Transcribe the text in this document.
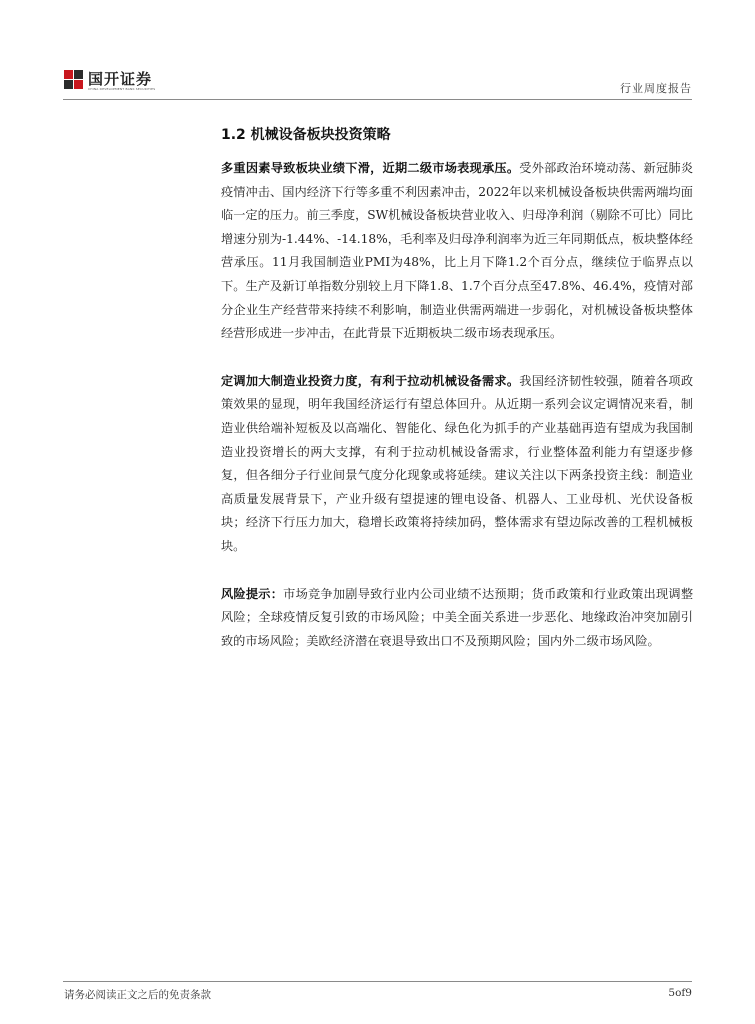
国开证券
CHINA DEVELOPMENT BANK SECURITIES	行业周度报告
1.2 机械设备板块投资策略

多重因素导致板块业绩下滑，近期二级市场表现承压。受外部政治环境动荡、新冠肺炎疫情冲击、国内经济下行等多重不利因素冲击，2022年以来机械设备板块供需两端均面临一定的压力。前三季度，SW机械设备板块营业收入、归母净利润（剔除不可比）同比增速分别为-1.44%、-14.18%，毛利率及归母净利润率为近三年同期低点，板块整体经营承压。11月我国制造业PMI为48%，比上月下降1.2个百分点，继续位于临界点以下。生产及新订单指数分别较上月下降1.8、1.7个百分点至47.8%、46.4%，疫情对部分企业生产经营带来持续不利影响，制造业供需两端进一步弱化，对机械设备板块整体经营形成进一步冲击，在此背景下近期板块二级市场表现承压。

定调加大制造业投资力度，有利于拉动机械设备需求。我国经济韧性较强，随着各项政策效果的显现，明年我国经济运行有望总体回升。从近期一系列会议定调情况来看，制造业供给端补短板及以高端化、智能化、绿色化为抓手的产业基础再造有望成为我国制造业投资增长的两大支撑，有利于拉动机械设备需求，行业整体盈利能力有望逐步修复，但各细分子行业间景气度分化现象或将延续。建议关注以下两条投资主线：制造业高质量发展背景下，产业升级有望提速的锂电设备、机器人、工业母机、光伏设备板块；经济下行压力加大，稳增长政策将持续加码，整体需求有望边际改善的工程机械板块。

风险提示：市场竞争加剧导致行业内公司业绩不达预期；货币政策和行业政策出现调整风险；全球疫情反复引致的市场风险；中美全面关系进一步恶化、地缘政治冲突加剧引致的市场风险；美欧经济潜在衰退导致出口不及预期风险；国内外二级市场风险。

请务必阅读正文之后的免责条款	5of9
